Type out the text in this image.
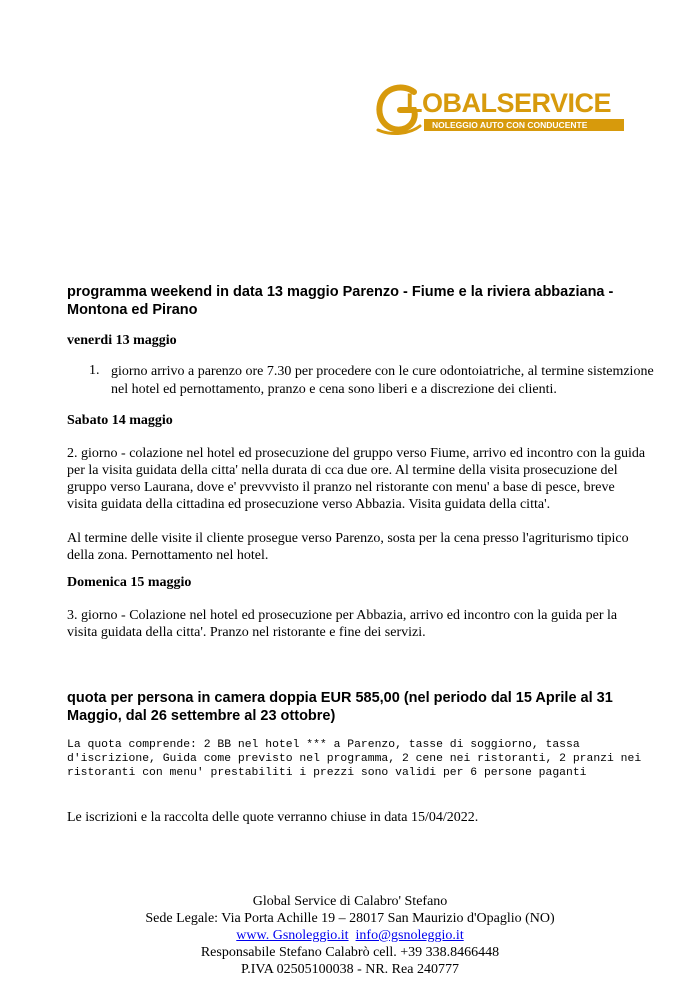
LOBALSERVICE
NOLEGGIO AUTO CON CONDUCENTE
programma weekend in data 13 maggio Parenzo - Fiume e la riviera abbaziana - Montona ed Pirano
venerdi 13 maggio
1. giorno arrivo a parenzo ore 7.30 per procedere con le cure odontoiatriche, al termine sistemzione nel hotel ed pernottamento, pranzo e cena sono liberi e a discrezione dei clienti.
Sabato 14 maggio
2. giorno - colazione nel hotel ed prosecuzione del gruppo verso Fiume, arrivo ed incontro con la guida per la visita guidata della citta' nella durata di cca due ore. Al termine della visita prosecuzione del gruppo verso Laurana, dove e' prevvvisto il pranzo nel ristorante con menu' a base di pesce, breve visita guidata della cittadina ed prosecuzione verso Abbazia. Visita guidata della citta'.
Al termine delle visite il cliente prosegue verso Parenzo, sosta per la cena presso l'agriturismo tipico della zona. Pernottamento nel hotel.
Domenica 15 maggio
3. giorno - Colazione nel hotel ed prosecuzione per Abbazia, arrivo ed incontro con la guida per la visita guidata della citta'. Pranzo nel ristorante e fine dei servizi.
quota per persona in camera doppia EUR 585,00 (nel periodo dal 15 Aprile al 31 Maggio, dal 26 settembre al 23 ottobre)
La quota comprende: 2 BB nel hotel *** a Parenzo, tasse di soggiorno, tassa d'iscrizione, Guida come previsto nel programma, 2 cene nei ristoranti, 2 pranzi nei ristoranti con menu' prestabiliti i prezzi sono validi per 6 persone paganti
Le iscrizioni e la raccolta delle quote verranno chiuse in data 15/04/2022.
Global Service di Calabro' Stefano
Sede Legale: Via Porta Achille 19 – 28017 San Maurizio d'Opaglio (NO)
www. Gsnoleggio.it info@gsnoleggio.it
Responsabile Stefano Calabrò cell. +39 338.8466448
P.IVA 02505100038 - NR. Rea 240777
